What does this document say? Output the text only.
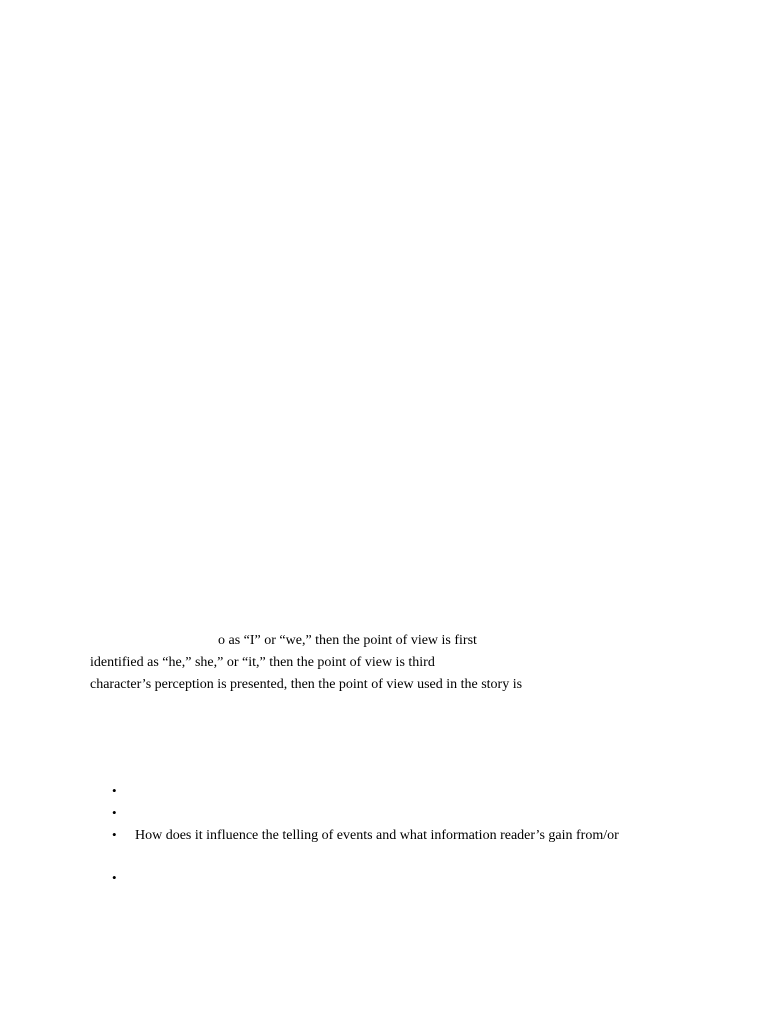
o as “I” or “we,” then the point of view is first
identified as “he,” she,” or “it,” then the point of view is third
character’s perception is presented, then the point of view used in the story is
•
•
• How does it influence the telling of events and what information reader’s gain from/or
•
